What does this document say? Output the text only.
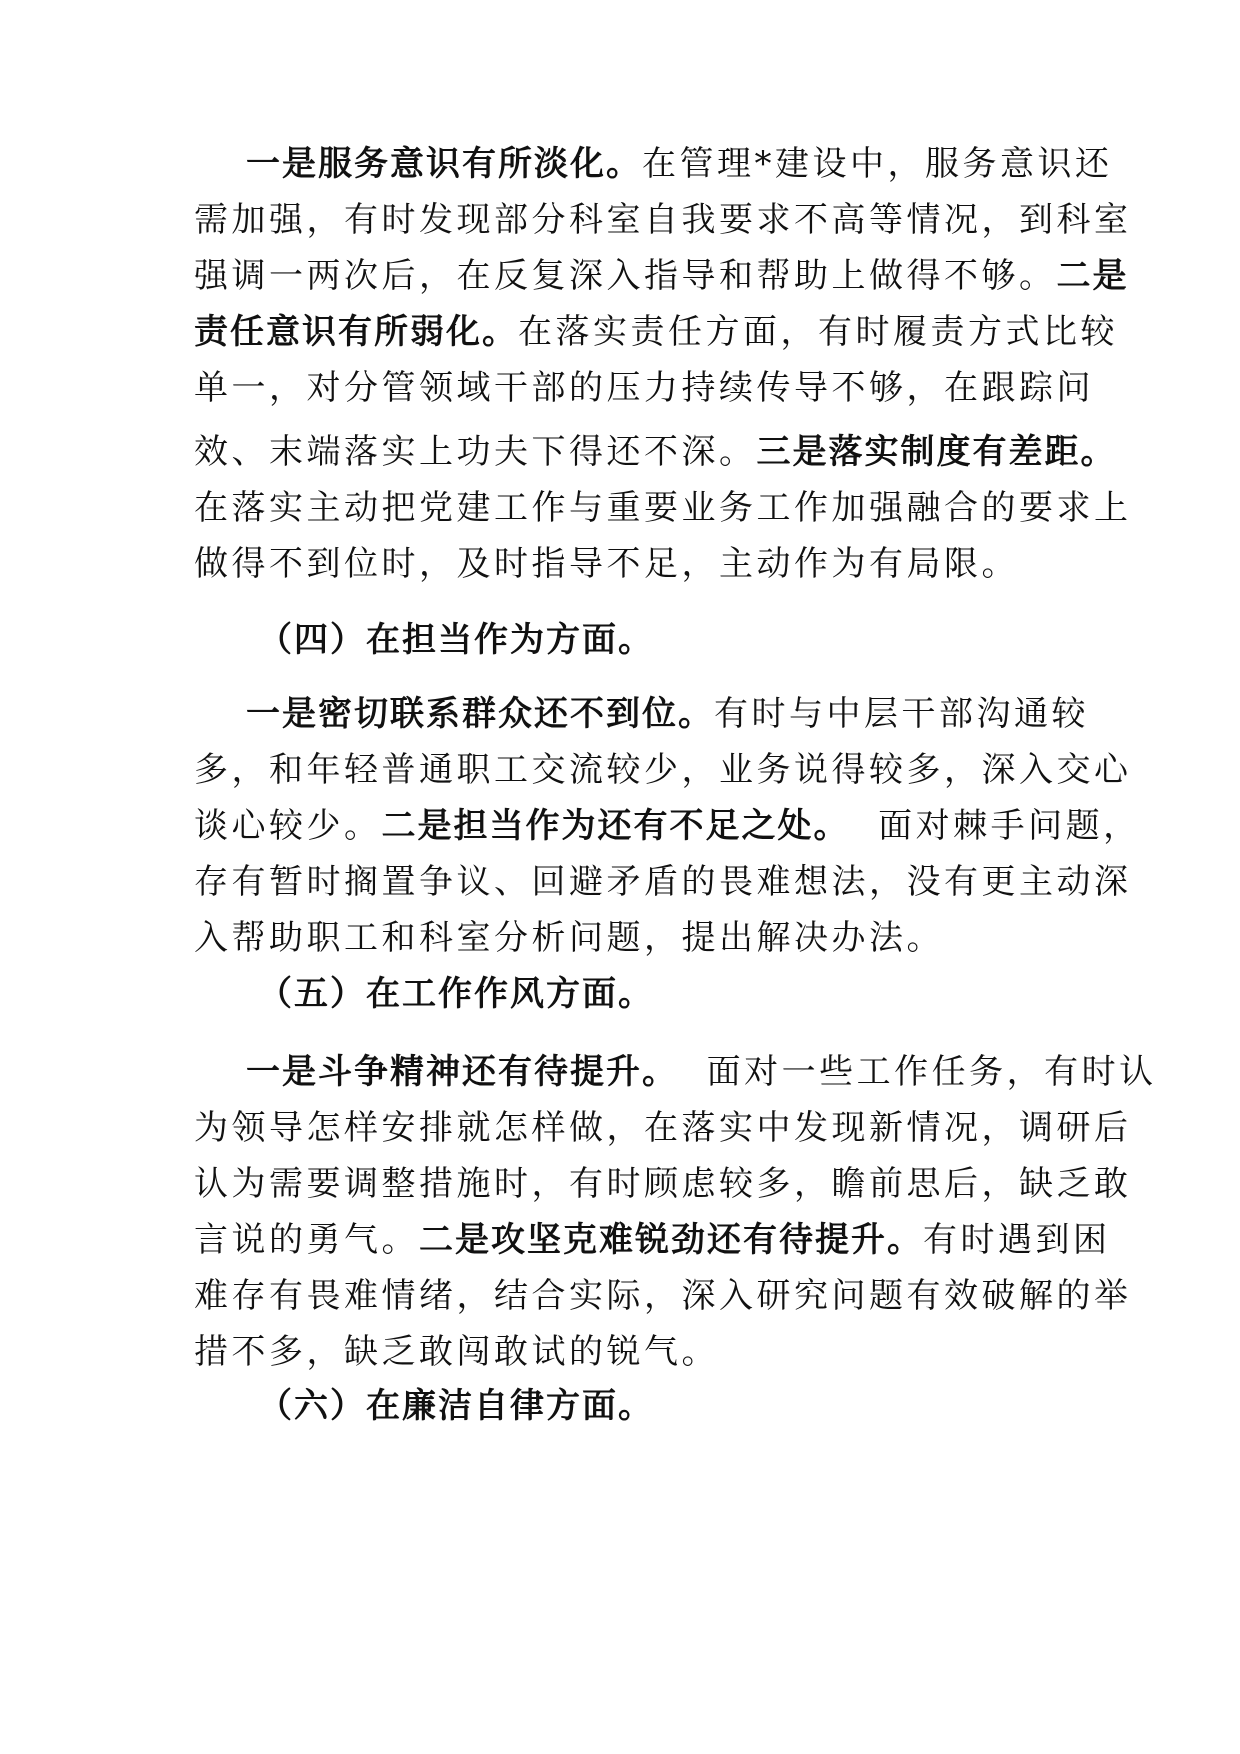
一是服务意识有所淡化。在管理*建设中，服务意识还
需加强，有时发现部分科室自我要求不高等情况，到科室
强调一两次后，在反复深入指导和帮助上做得不够。二是
责任意识有所弱化。在落实责任方面，有时履责方式比较
单一，对分管领域干部的压力持续传导不够，在跟踪问
效、末端落实上功夫下得还不深。三是落实制度有差距。
在落实主动把党建工作与重要业务工作加强融合的要求上
做得不到位时，及时指导不足，主动作为有局限。
（四）在担当作为方面。
一是密切联系群众还不到位。有时与中层干部沟通较
多，和年轻普通职工交流较少，业务说得较多，深入交心
谈心较少。二是担当作为还有不足之处。  面对棘手问题，
存有暂时搁置争议、回避矛盾的畏难想法，没有更主动深
入帮助职工和科室分析问题，提出解决办法。
（五）在工作作风方面。
一是斗争精神还有待提升。  面对一些工作任务，有时认
为领导怎样安排就怎样做，在落实中发现新情况，调研后
认为需要调整措施时，有时顾虑较多，瞻前思后，缺乏敢
言说的勇气。二是攻坚克难锐劲还有待提升。有时遇到困
难存有畏难情绪，结合实际，深入研究问题有效破解的举
措不多，缺乏敢闯敢试的锐气。
（六）在廉洁自律方面。
